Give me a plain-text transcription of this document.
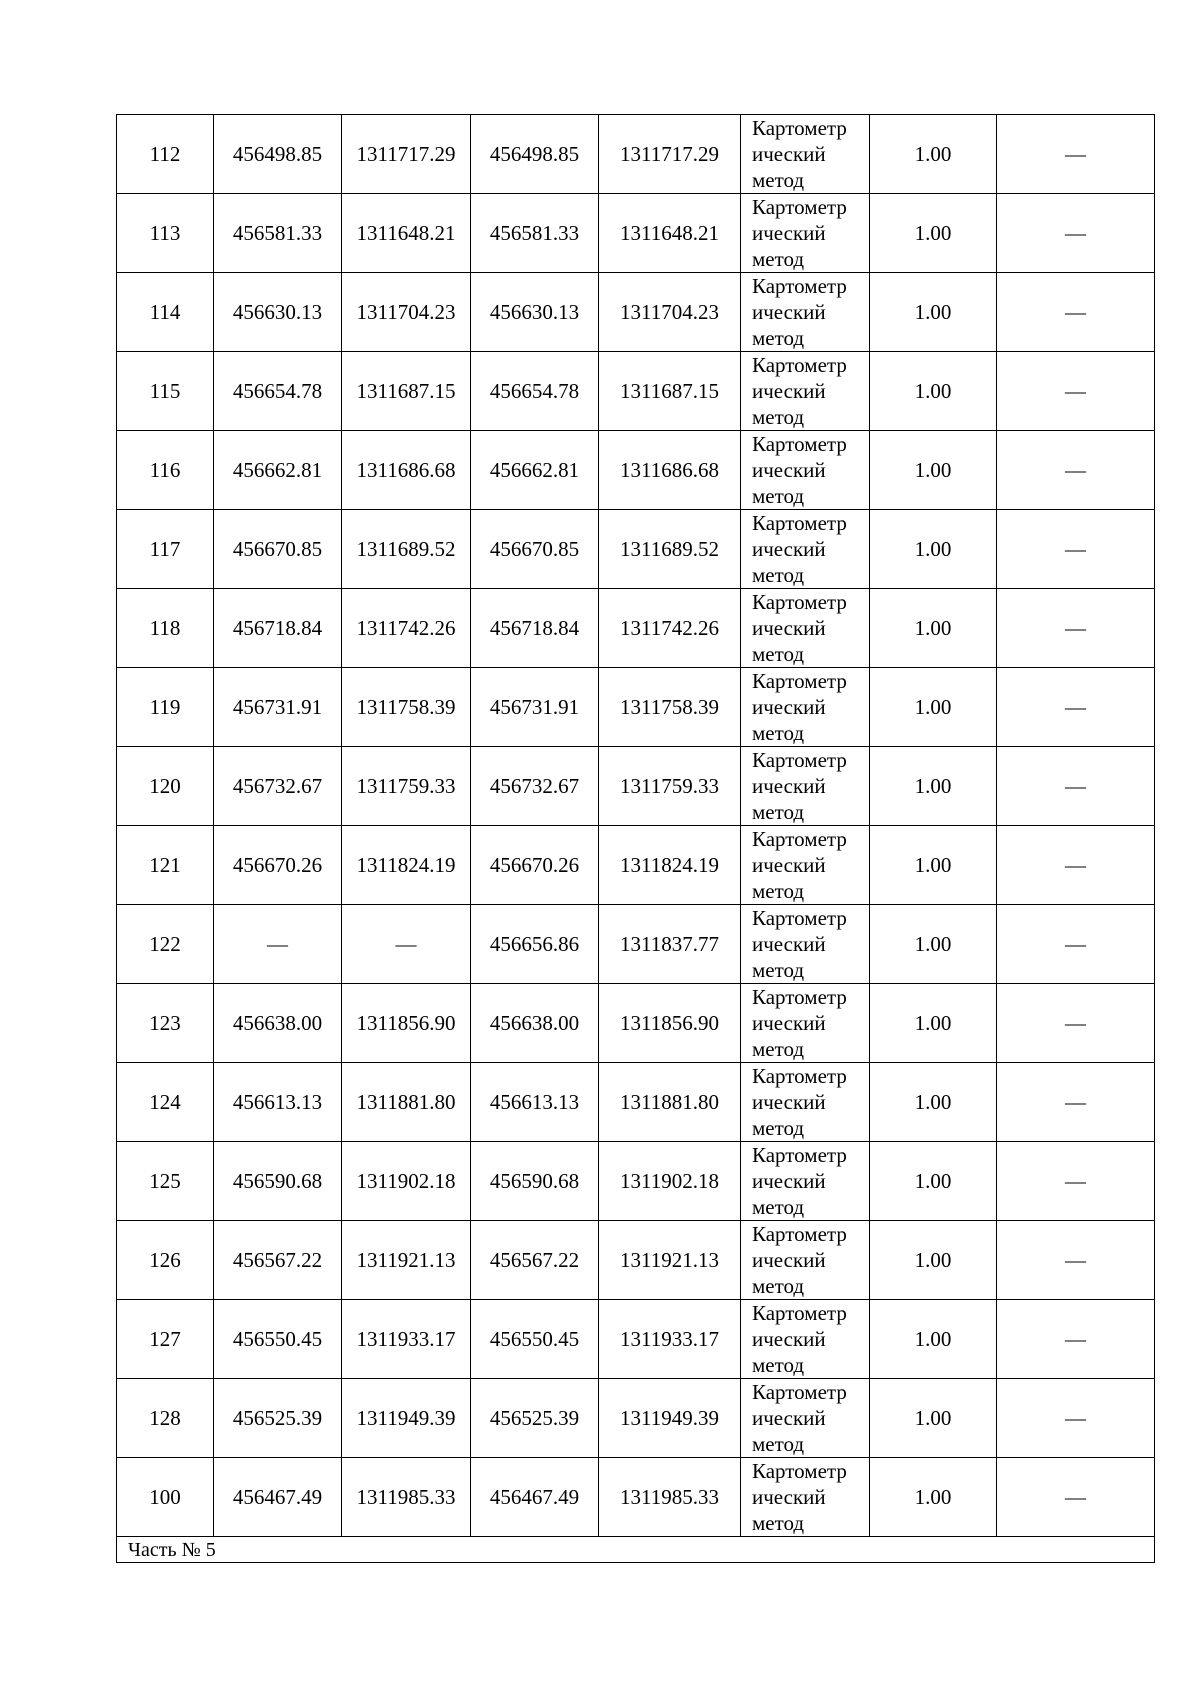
112	456498.85	1311717.29	456498.85	1311717.29	Картометр ический метод	1.00	—
113	456581.33	1311648.21	456581.33	1311648.21	Картометр ический метод	1.00	—
114	456630.13	1311704.23	456630.13	1311704.23	Картометр ический метод	1.00	—
115	456654.78	1311687.15	456654.78	1311687.15	Картометр ический метод	1.00	—
116	456662.81	1311686.68	456662.81	1311686.68	Картометр ический метод	1.00	—
117	456670.85	1311689.52	456670.85	1311689.52	Картометр ический метод	1.00	—
118	456718.84	1311742.26	456718.84	1311742.26	Картометр ический метод	1.00	—
119	456731.91	1311758.39	456731.91	1311758.39	Картометр ический метод	1.00	—
120	456732.67	1311759.33	456732.67	1311759.33	Картометр ический метод	1.00	—
121	456670.26	1311824.19	456670.26	1311824.19	Картометр ический метод	1.00	—
122	—	—	456656.86	1311837.77	Картометр ический метод	1.00	—
123	456638.00	1311856.90	456638.00	1311856.90	Картометр ический метод	1.00	—
124	456613.13	1311881.80	456613.13	1311881.80	Картометр ический метод	1.00	—
125	456590.68	1311902.18	456590.68	1311902.18	Картометр ический метод	1.00	—
126	456567.22	1311921.13	456567.22	1311921.13	Картометр ический метод	1.00	—
127	456550.45	1311933.17	456550.45	1311933.17	Картометр ический метод	1.00	—
128	456525.39	1311949.39	456525.39	1311949.39	Картометр ический метод	1.00	—
100	456467.49	1311985.33	456467.49	1311985.33	Картометр ический метод	1.00	—
Часть № 5							
